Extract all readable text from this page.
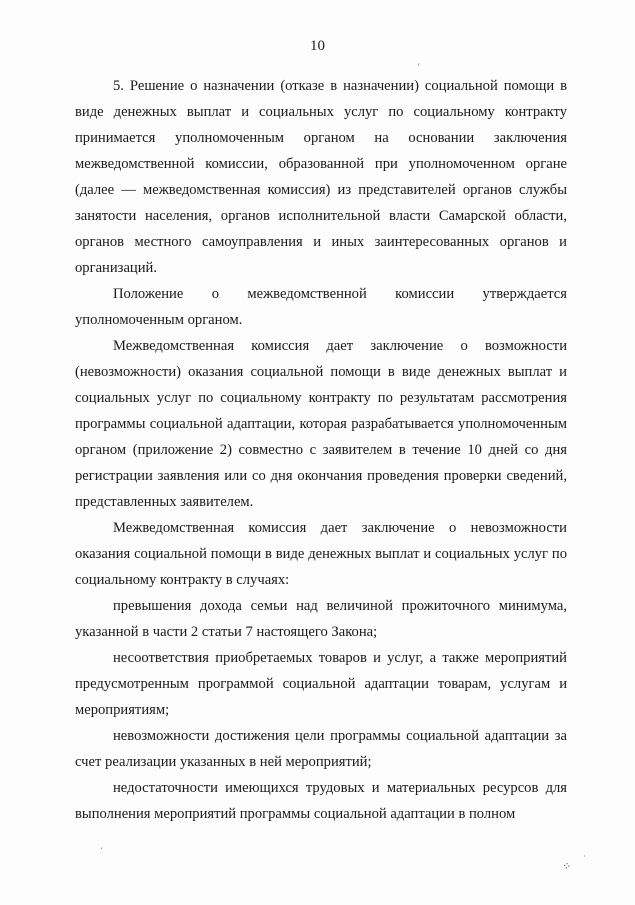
10
ʹ
ˌ
⁘
·

5. Решение о назначении (отказе в назначении) социальной помощи в виде денежных выплат и социальных услуг по социальному контракту принимается уполномоченным органом на основании заключения межведомственной комиссии, образованной при уполномоченном органе (далее — межведомственная комиссия) из представителей органов службы занятости населения, органов исполнительной власти Самарской области, органов местного самоуправления и иных заинтересованных органов и организаций.

Положение о межведомственной комиссии утверждается уполномоченным органом.

Межведомственная комиссия дает заключение о возможности (невозможности) оказания социальной помощи в виде денежных выплат и социальных услуг по социальному контракту по результатам рассмотрения программы социальной адаптации, которая разрабатывается уполномоченным органом (приложение 2) совместно с заявителем в течение 10 дней со дня регистрации заявления или со дня окончания проведения проверки сведений, представленных заявителем.

Межведомственная комиссия дает заключение о невозможности оказания социальной помощи в виде денежных выплат и социальных услуг по социальному контракту в случаях:

превышения дохода семьи над величиной прожиточного минимума, указанной в части 2 статьи 7 настоящего Закона;

несоответствия приобретаемых товаров и услуг, а также мероприятий предусмотренным программой социальной адаптации товарам, услугам и мероприятиям;

невозможности достижения цели программы социальной адаптации за счет реализации указанных в ней мероприятий;

недостаточности имеющихся трудовых и материальных ресурсов для выполнения мероприятий программы социальной адаптации в полном
